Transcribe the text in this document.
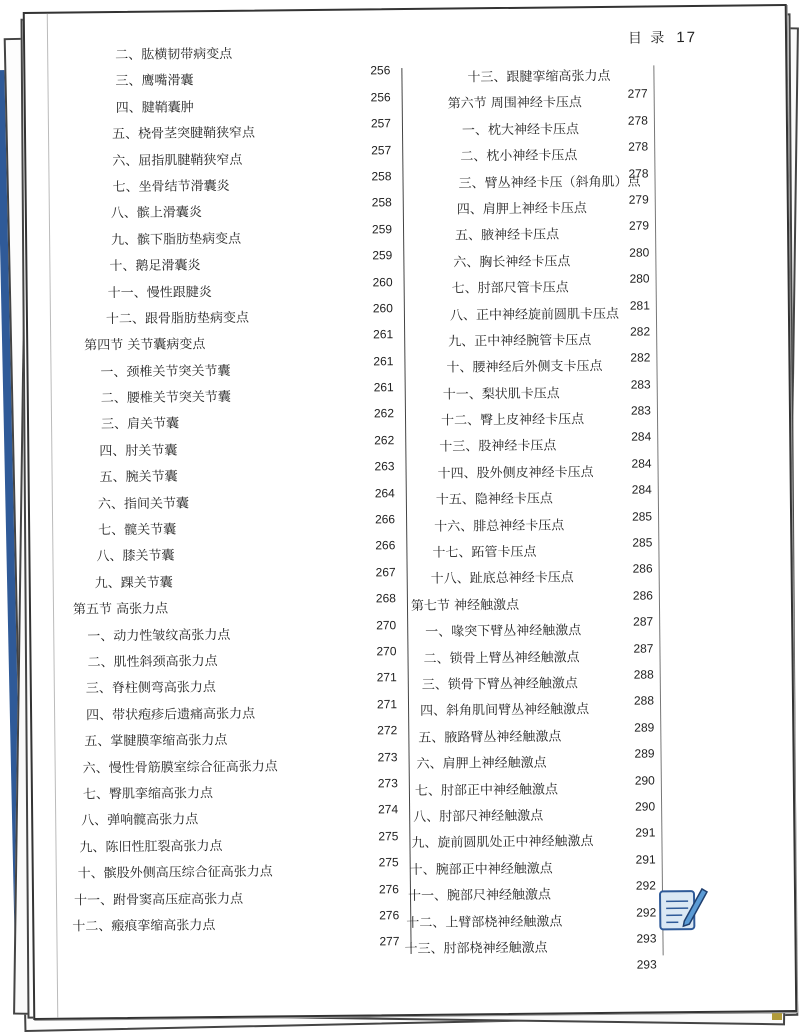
目 录 17
二、肱横韧带病变点
三、鹰嘴滑囊
256
四、腱鞘囊肿
256
五、桡骨茎突腱鞘狭窄点
257
六、屈指肌腱鞘狭窄点
257
七、坐骨结节滑囊炎
258
八、髌上滑囊炎
258
九、髌下脂肪垫病变点
259
十、鹅足滑囊炎
259
十一、慢性跟腱炎
260
十二、跟骨脂肪垫病变点
260
第四节 关节囊病变点
261
一、颈椎关节突关节囊
261
二、腰椎关节突关节囊
261
三、肩关节囊
262
四、肘关节囊
262
五、腕关节囊
263
六、指间关节囊
264
七、髋关节囊
266
八、膝关节囊
266
九、踝关节囊
267
第五节 高张力点
268
一、动力性皱纹高张力点
270
二、肌性斜颈高张力点
270
三、脊柱侧弯高张力点
271
四、带状疱疹后遗痛高张力点
271
五、掌腱膜挛缩高张力点
272
六、慢性骨筋膜室综合征高张力点
273
七、臀肌挛缩高张力点
273
八、弹响髋高张力点
274
九、陈旧性肛裂高张力点
275
十、髌股外侧高压综合征高张力点
275
十一、跗骨窦高压症高张力点
276
十二、瘢痕挛缩高张力点
276
277
十三、跟腱挛缩高张力点
第六节 周围神经卡压点
277
一、枕大神经卡压点
278
二、枕小神经卡压点
278
三、臂丛神经卡压（斜角肌）点
278
四、肩胛上神经卡压点
279
五、腋神经卡压点
279
六、胸长神经卡压点
280
七、肘部尺管卡压点
280
八、正中神经旋前圆肌卡压点
281
九、正中神经腕管卡压点
282
十、腰神经后外侧支卡压点
282
十一、梨状肌卡压点
283
十二、臀上皮神经卡压点
283
十三、股神经卡压点
284
十四、股外侧皮神经卡压点
284
十五、隐神经卡压点
284
十六、腓总神经卡压点
285
十七、跖管卡压点
285
十八、趾底总神经卡压点
286
第七节 神经触激点
286
一、喙突下臂丛神经触激点
287
二、锁骨上臂丛神经触激点
287
三、锁骨下臂丛神经触激点
288
四、斜角肌间臂丛神经触激点
288
五、腋路臂丛神经触激点
289
六、肩胛上神经触激点
289
七、肘部正中神经触激点
290
八、肘部尺神经触激点
290
九、旋前圆肌处正中神经触激点
291
十、腕部正中神经触激点
291
十一、腕部尺神经触激点
292
十二、上臂部桡神经触激点
292
十三、肘部桡神经触激点
293
293
